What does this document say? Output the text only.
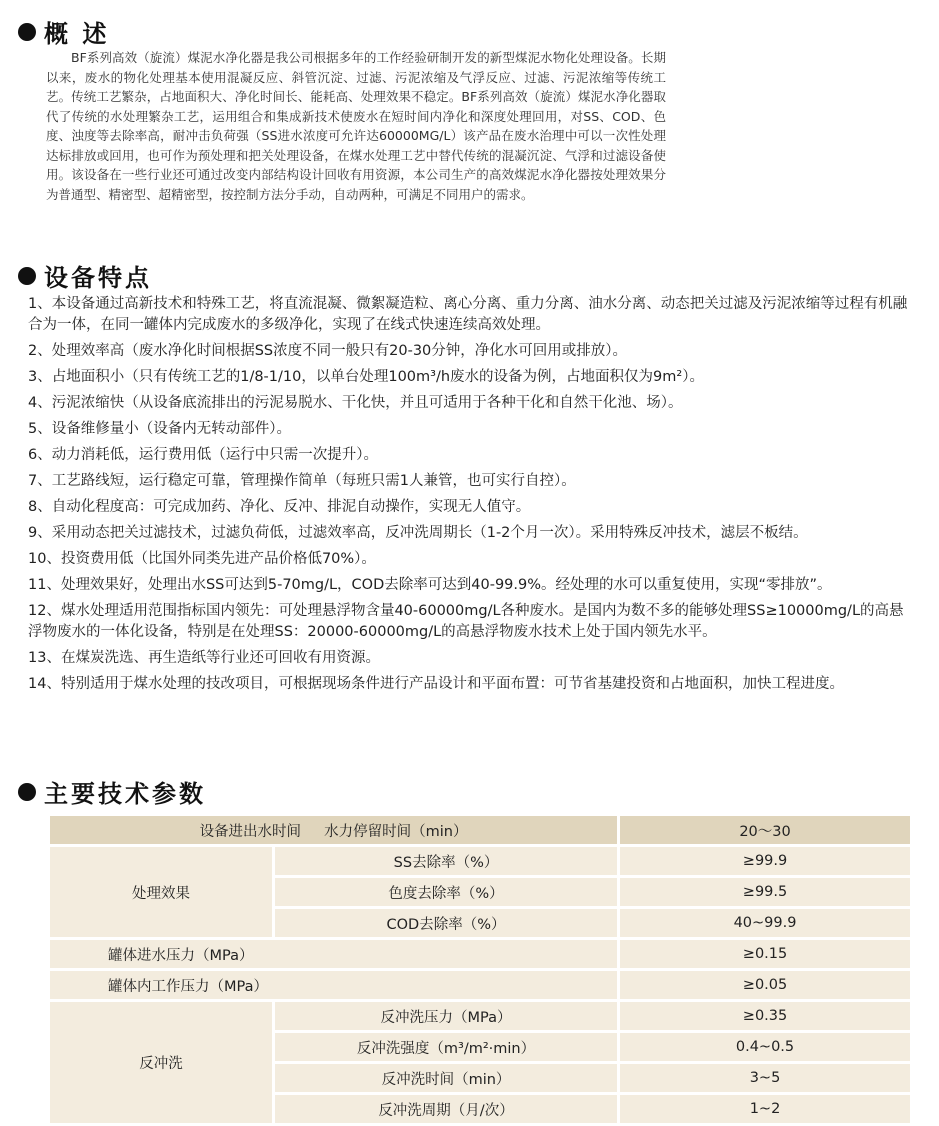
概 述
BF系列高效（旋流）煤泥水净化器是我公司根据多年的工作经验研制开发的新型煤泥水物化处理设备。长期以来，废水的物化处理基本使用混凝反应、斜管沉淀、过滤、污泥浓缩及气浮反应、过滤、污泥浓缩等传统工艺。传统工艺繁杂，占地面积大、净化时间长、能耗高、处理效果不稳定。BF系列高效（旋流）煤泥水净化器取代了传统的水处理繁杂工艺，运用组合和集成新技术使废水在短时间内净化和深度处理回用，对SS、COD、色度、浊度等去除率高，耐冲击负荷强（SS进水浓度可允许达60000MG/L）该产品在废水治理中可以一次性处理达标排放或回用，也可作为预处理和把关处理设备，在煤水处理工艺中替代传统的混凝沉淀、气浮和过滤设备使用。该设备在一些行业还可通过改变内部结构设计回收有用资源，本公司生产的高效煤泥水净化器按处理效果分为普通型、精密型、超精密型，按控制方法分手动，自动两种，可满足不同用户的需求。
设备特点
1、本设备通过高新技术和特殊工艺，将直流混凝、微絮凝造粒、离心分离、重力分离、油水分离、动态把关过滤及污泥浓缩等过程有机融合为一体，在同一罐体内完成废水的多级净化，实现了在线式快速连续高效处理。
2、处理效率高（废水净化时间根据SS浓度不同一般只有20-30分钟，净化水可回用或排放）。
3、占地面积小（只有传统工艺的1/8-1/10，以单台处理100m³/h废水的设备为例，占地面积仅为9m²）。
4、污泥浓缩快（从设备底流排出的污泥易脱水、干化快，并且可适用于各种干化和自然干化池、场）。
5、设备维修量小（设备内无转动部件）。
6、动力消耗低，运行费用低（运行中只需一次提升）。
7、工艺路线短，运行稳定可靠，管理操作简单（每班只需1人兼管，也可实行自控）。
8、自动化程度高：可完成加药、净化、反冲、排泥自动操作，实现无人值守。
9、采用动态把关过滤技术，过滤负荷低，过滤效率高，反冲洗周期长（1-2个月一次）。采用特殊反冲技术，滤层不板结。
10、投资费用低（比国外同类先进产品价格低70%）。
11、处理效果好，处理出水SS可达到5-70mg/L，COD去除率可达到40-99.9%。经处理的水可以重复使用，实现“零排放”。
12、煤水处理适用范围指标国内领先：可处理悬浮物含量40-60000mg/L各种废水。是国内为数不多的能够处理SS≥10000mg/L的高悬浮物废水的一体化设备，特别是在处理SS：20000-60000mg/L的高悬浮物废水技术上处于国内领先水平。
13、在煤炭洗选、再生造纸等行业还可回收有用资源。
14、特别适用于煤水处理的技改项目，可根据现场条件进行产品设计和平面布置：可节省基建投资和占地面积，加快工程进度。
主要技术参数
设备进出水时间     水力停留时间（min）		20～30
处理效果	SS去除率（%）	≥99.9
	色度去除率（%）	≥99.5
	COD去除率（%）	40~99.9
罐体进水压力（MPa）		≥0.15
罐体内工作压力（MPa）		≥0.05
反冲洗	反冲洗压力（MPa）	≥0.35
	反冲洗强度（m³/m²·min）	0.4~0.5
	反冲洗时间（min）	3~5
	反冲洗周期（月/次）	1~2
